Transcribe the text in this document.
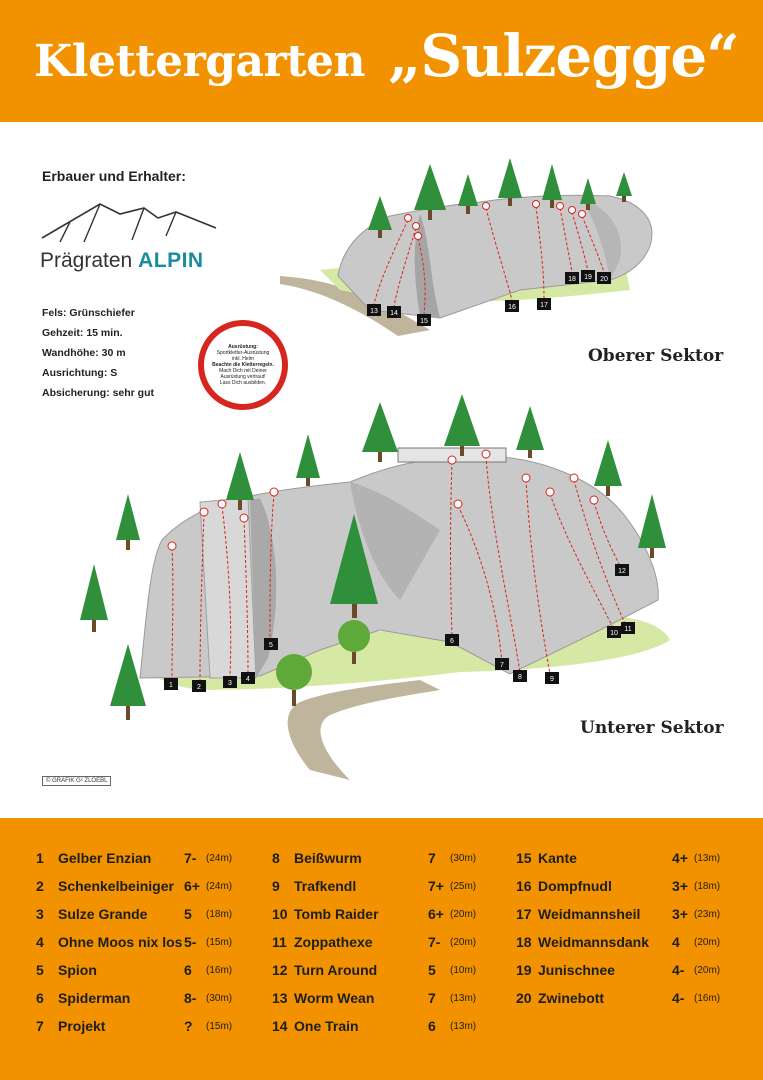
Klettergarten „Sulzegge“
Erbauer und Erhalter:
Prägraten ALPIN
Fels: Grünschiefer
Gehzeit: 15 min.
Wandhöhe: 30 m
Ausrichtung: S
Absicherung: sehr gut
Ausrüstung:
Sportkletter-Ausrüstung
inkl. Helm
Beachte die Kletterregeln.
Mach Dich mit Deiner
Ausrüstung vertraut!
Lass Dich ausbilden.
13 14
15
16	17
18 19 20
Oberer Sektor
1	2
3
4
5
6
7
8	9
10
11
12
Unterer Sektor
© GRAFIK G² ZLOEBL
1	Gelber Enzian 7- (24m)
2	Schenkelbeiniger 6+ (24m)
3	Sulze Grande	5 (18m)
4	Ohne Moos nix los 5- (15m)
5	Spion	6 (16m)
6	Spiderman	8- (30m)
7	Projekt	? (15m)
8	Beißwurm	7 (30m)
9	Trafkendl	7+ (25m)
10 Tomb Raider	6+ (20m)
11 Zoppathexe	7- (20m)
12 Turn Around	5 (10m)
13 Worm Wean	7 (13m)
14 One Train	6 (13m)
15 Kante	4+ (13m)
16 Dompfnudl	3+ (18m)
17 Weidmannsheil 3+ (23m)
18 Weidmannsdank 4 (20m)
19 Junischnee	4- (20m)
20 Zwinebott	4- (16m)
